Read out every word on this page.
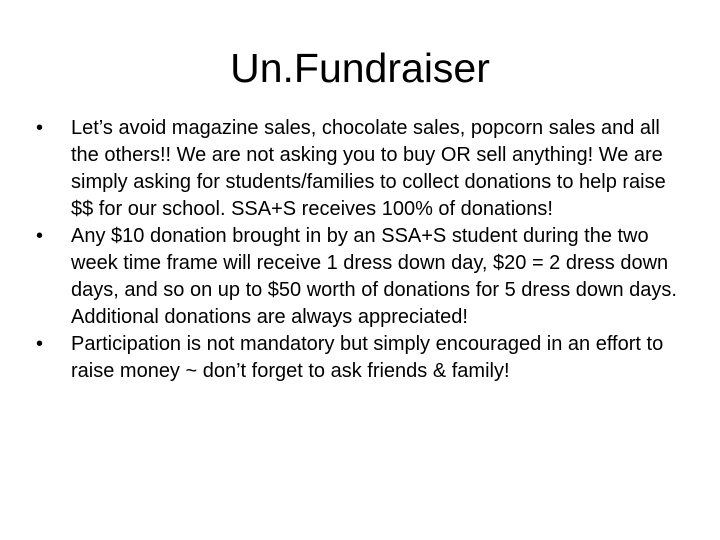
Un.Fundraiser
•	Let’s avoid magazine sales, chocolate sales, popcorn sales and all the others!! We are not asking you to buy OR sell anything! We are simply asking for students/families to collect donations to help raise $$ for our school. SSA+S receives 100% of donations!
•	Any $10 donation brought in by an SSA+S student during the two week time frame will receive 1 dress down day, $20 = 2 dress down days, and so on up to $50 worth of donations for 5 dress down days. Additional donations are always appreciated!
•	Participation is not mandatory but simply encouraged in an effort to raise money ~ don’t forget to ask friends & family!
